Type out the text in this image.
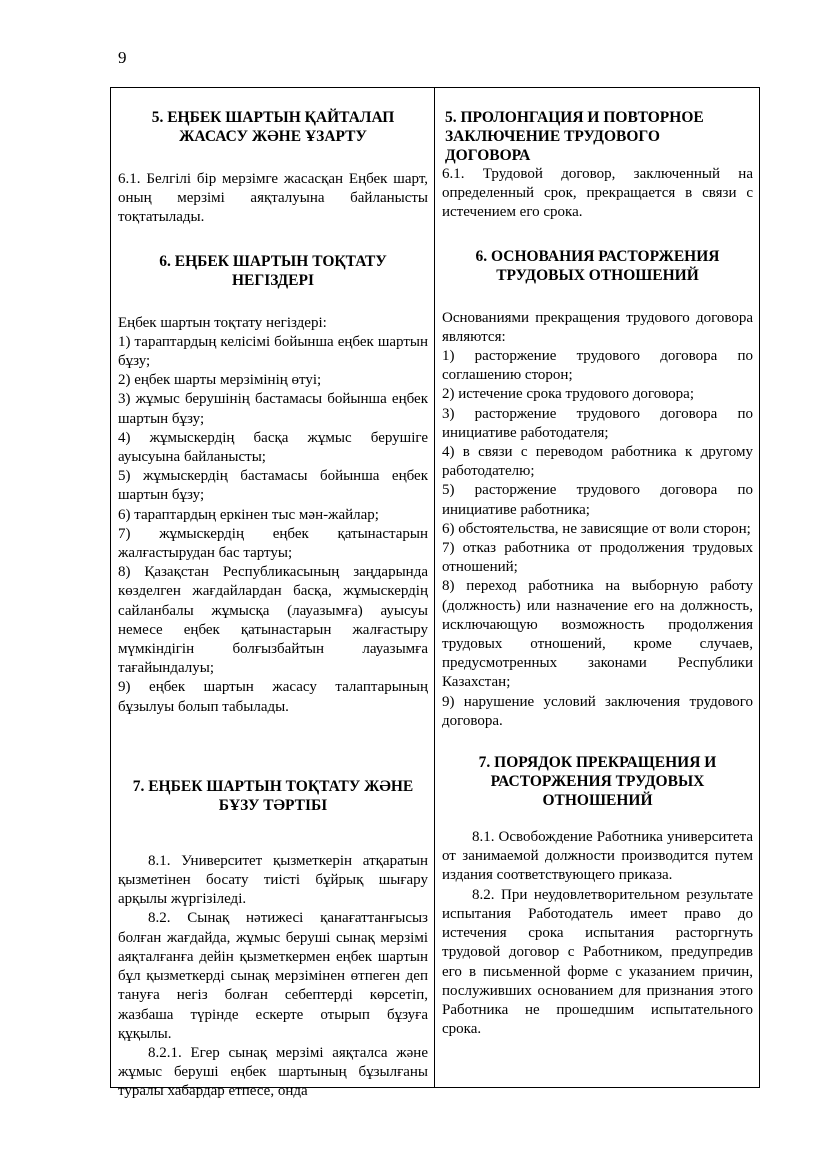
9

5. ЕҢБЕК ШАРТЫН ҚАЙТАЛАП ЖАСАСУ ЖӘНЕ ҰЗАРТУ

6.1. Белгілі бір мерзімге жасасқан Еңбек шарт, оның мерзімі аяқталуына байланысты тоқтатылады.

6. ЕҢБЕК ШАРТЫН ТОҚТАТУ НЕГІЗДЕРІ

Еңбек шартын тоқтату негіздері:

1) тараптардың келісімі бойынша еңбек шартын бұзу;

2) еңбек шарты мерзімінің өтуі;

3) жұмыс берушінің бастамасы бойынша еңбек шартын бұзу;

4) жұмыскердің басқа жұмыс берушіге ауысуына байланысты;

5) жұмыскердің бастамасы бойынша еңбек шартын бұзу;

6) тараптардың еркінен тыс мән-жайлар;

7) жұмыскердің еңбек қатынастарын жалғастырудан бас тартуы;

8) Қазақстан Республикасының заңдарында көзделген жағдайлардан басқа, жұмыскердің сайланбалы жұмысқа (лауазымға) ауысуы немесе еңбек қатынастарын жалғастыру мүмкіндігін болғызбайтын лауазымға тағайындалуы;

9) еңбек шартын жасасу талаптарының бұзылуы болып табылады.

7. ЕҢБЕК ШАРТЫН ТОҚТАТУ ЖӘНЕ БҰЗУ ТӘРТІБІ

8.1. Университет қызметкерін атқаратын қызметінен босату тиісті бұйрық шығару арқылы жүргізіледі.

8.2. Сынақ нәтижесі қанағаттанғысыз болған жағдайда, жұмыс беруші сынақ мерзімі аяқталғанға дейін қызметкермен еңбек шартын бұл қызметкерді сынақ мерзімінен өтпеген деп тануға негіз болған себептерді көрсетіп, жазбаша түрінде ескерте отырып бұзуға құқылы.

8.2.1. Егер сынақ мерзімі аяқталса және жұмыс беруші еңбек шартының бұзылғаны туралы хабардар етпесе, онда

5. ПРОЛОНГАЦИЯ И ПОВТОРНОЕ ЗАКЛЮЧЕНИЕ ТРУДОВОГО ДОГОВОРА

6.1. Трудовой договор, заключенный на определенный срок, прекращается в связи с истечением его срока.

6. ОСНОВАНИЯ РАСТОРЖЕНИЯ ТРУДОВЫХ ОТНОШЕНИЙ

Основаниями прекращения трудового договора являются:

1) расторжение трудового договора по соглашению сторон;

2) истечение срока трудового договора;

3) расторжение трудового договора по инициативе работодателя;

4) в связи с переводом работника к другому работодателю;

5) расторжение трудового договора по инициативе работника;

6) обстоятельства, не зависящие от воли сторон;

7) отказ работника от продолжения трудовых отношений;

8) переход работника на выборную работу (должность) или назначение его на должность, исключающую возможность продолжения трудовых отношений, кроме случаев, предусмотренных законами Республики Казахстан;

9) нарушение условий заключения трудового договора.

7. ПОРЯДОК ПРЕКРАЩЕНИЯ И РАСТОРЖЕНИЯ ТРУДОВЫХ ОТНОШЕНИЙ

8.1. Освобождение Работника университета от занимаемой должности производится путем издания соответствующего приказа.

8.2. При неудовлетворительном результате испытания Работодатель имеет право до истечения срока испытания расторгнуть трудовой договор с Работником, предупредив его в письменной форме с указанием причин, послуживших основанием для признания этого Работника не прошедшим испытательного срока.
